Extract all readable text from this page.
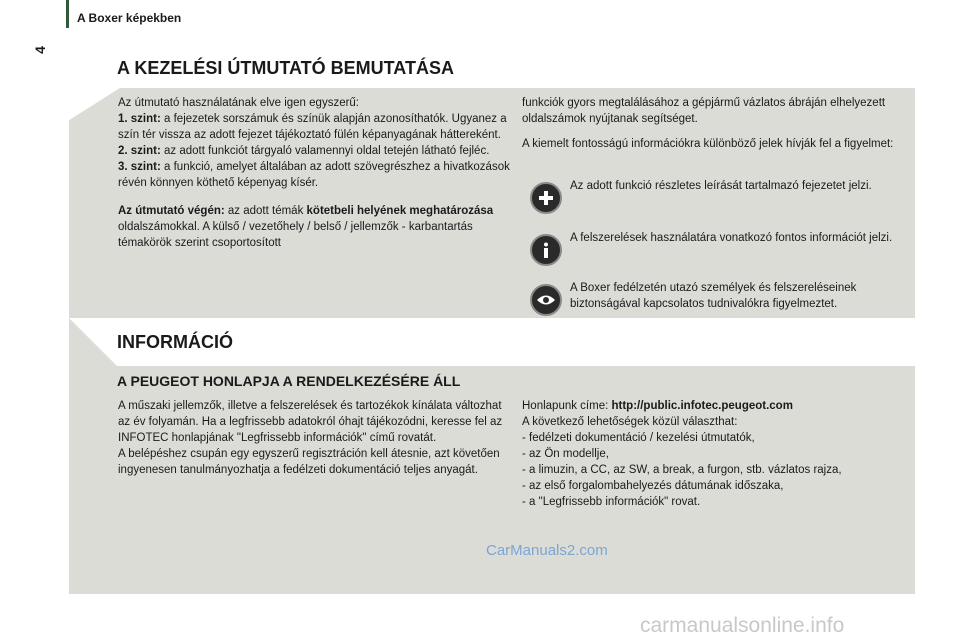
A Boxer képekben
4
A KEZELÉSI ÚTMUTATÓ BEMUTATÁSA

Az útmutató használatának elve igen egyszerű:

1. szint: a fejezetek sorszámuk és színük alapján azonosíthatók. Ugyanez a szín tér vissza az adott fejezet tájékoztató fülén képanyagának háttereként.

2. szint: az adott funkciót tárgyaló valamennyi oldal tetején látható fejléc.

3. szint: a funkció, amelyet általában az adott szövegrészhez a hivatkozások révén könnyen köthető képenyag kísér.

Az útmutató végén: az adott témák kötetbeli helyének meghatározása oldalszámokkal. A külső / vezetőhely / belső / jellemzők - karbantartás témakörök szerint csoportosított

funkciók gyors megtalálásához a gépjármű vázlatos ábráján elhelyezett oldalszámok nyújtanak segítséget.

A kiemelt fontosságú információkra különböző jelek hívják fel a figyelmet:

Az adott funkció részletes leírását tartalmazó fejezetet jelzi.
A felszerelések használatára vonatkozó fontos információt jelzi.
A Boxer fedélzetén utazó személyek és felszereléseinek biztonságával kapcsolatos tudnivalókra figyelmeztet.
INFORMÁCIÓ
A PEUGEOT HONLAPJA A RENDELKEZÉSÉRE ÁLL

A műszaki jellemzők, illetve a felszerelések és tartozékok kínálata változhat az év folyamán. Ha a legfrissebb adatokról óhajt tájékozódni, keresse fel az INFOTEC honlapjának "Legfrissebb információk" című rovatát.

A belépéshez csupán egy egyszerű regisztráción kell átesnie, azt követően ingyenesen tanulmányozhatja a fedélzeti dokumentáció teljes anyagát.

Honlapunk címe: http://public.infotec.peugeot.com

A következő lehetőségek közül választhat:

- fedélzeti dokumentáció / kezelési útmutatók,

- az Ön modellje,

- a limuzin, a CC, az SW, a break, a furgon, stb. vázlatos rajza,

- az első forgalombahelyezés dátumának időszaka,

- a "Legfrissebb információk" rovat.

CarManuals2.com
carmanualsonline.info
